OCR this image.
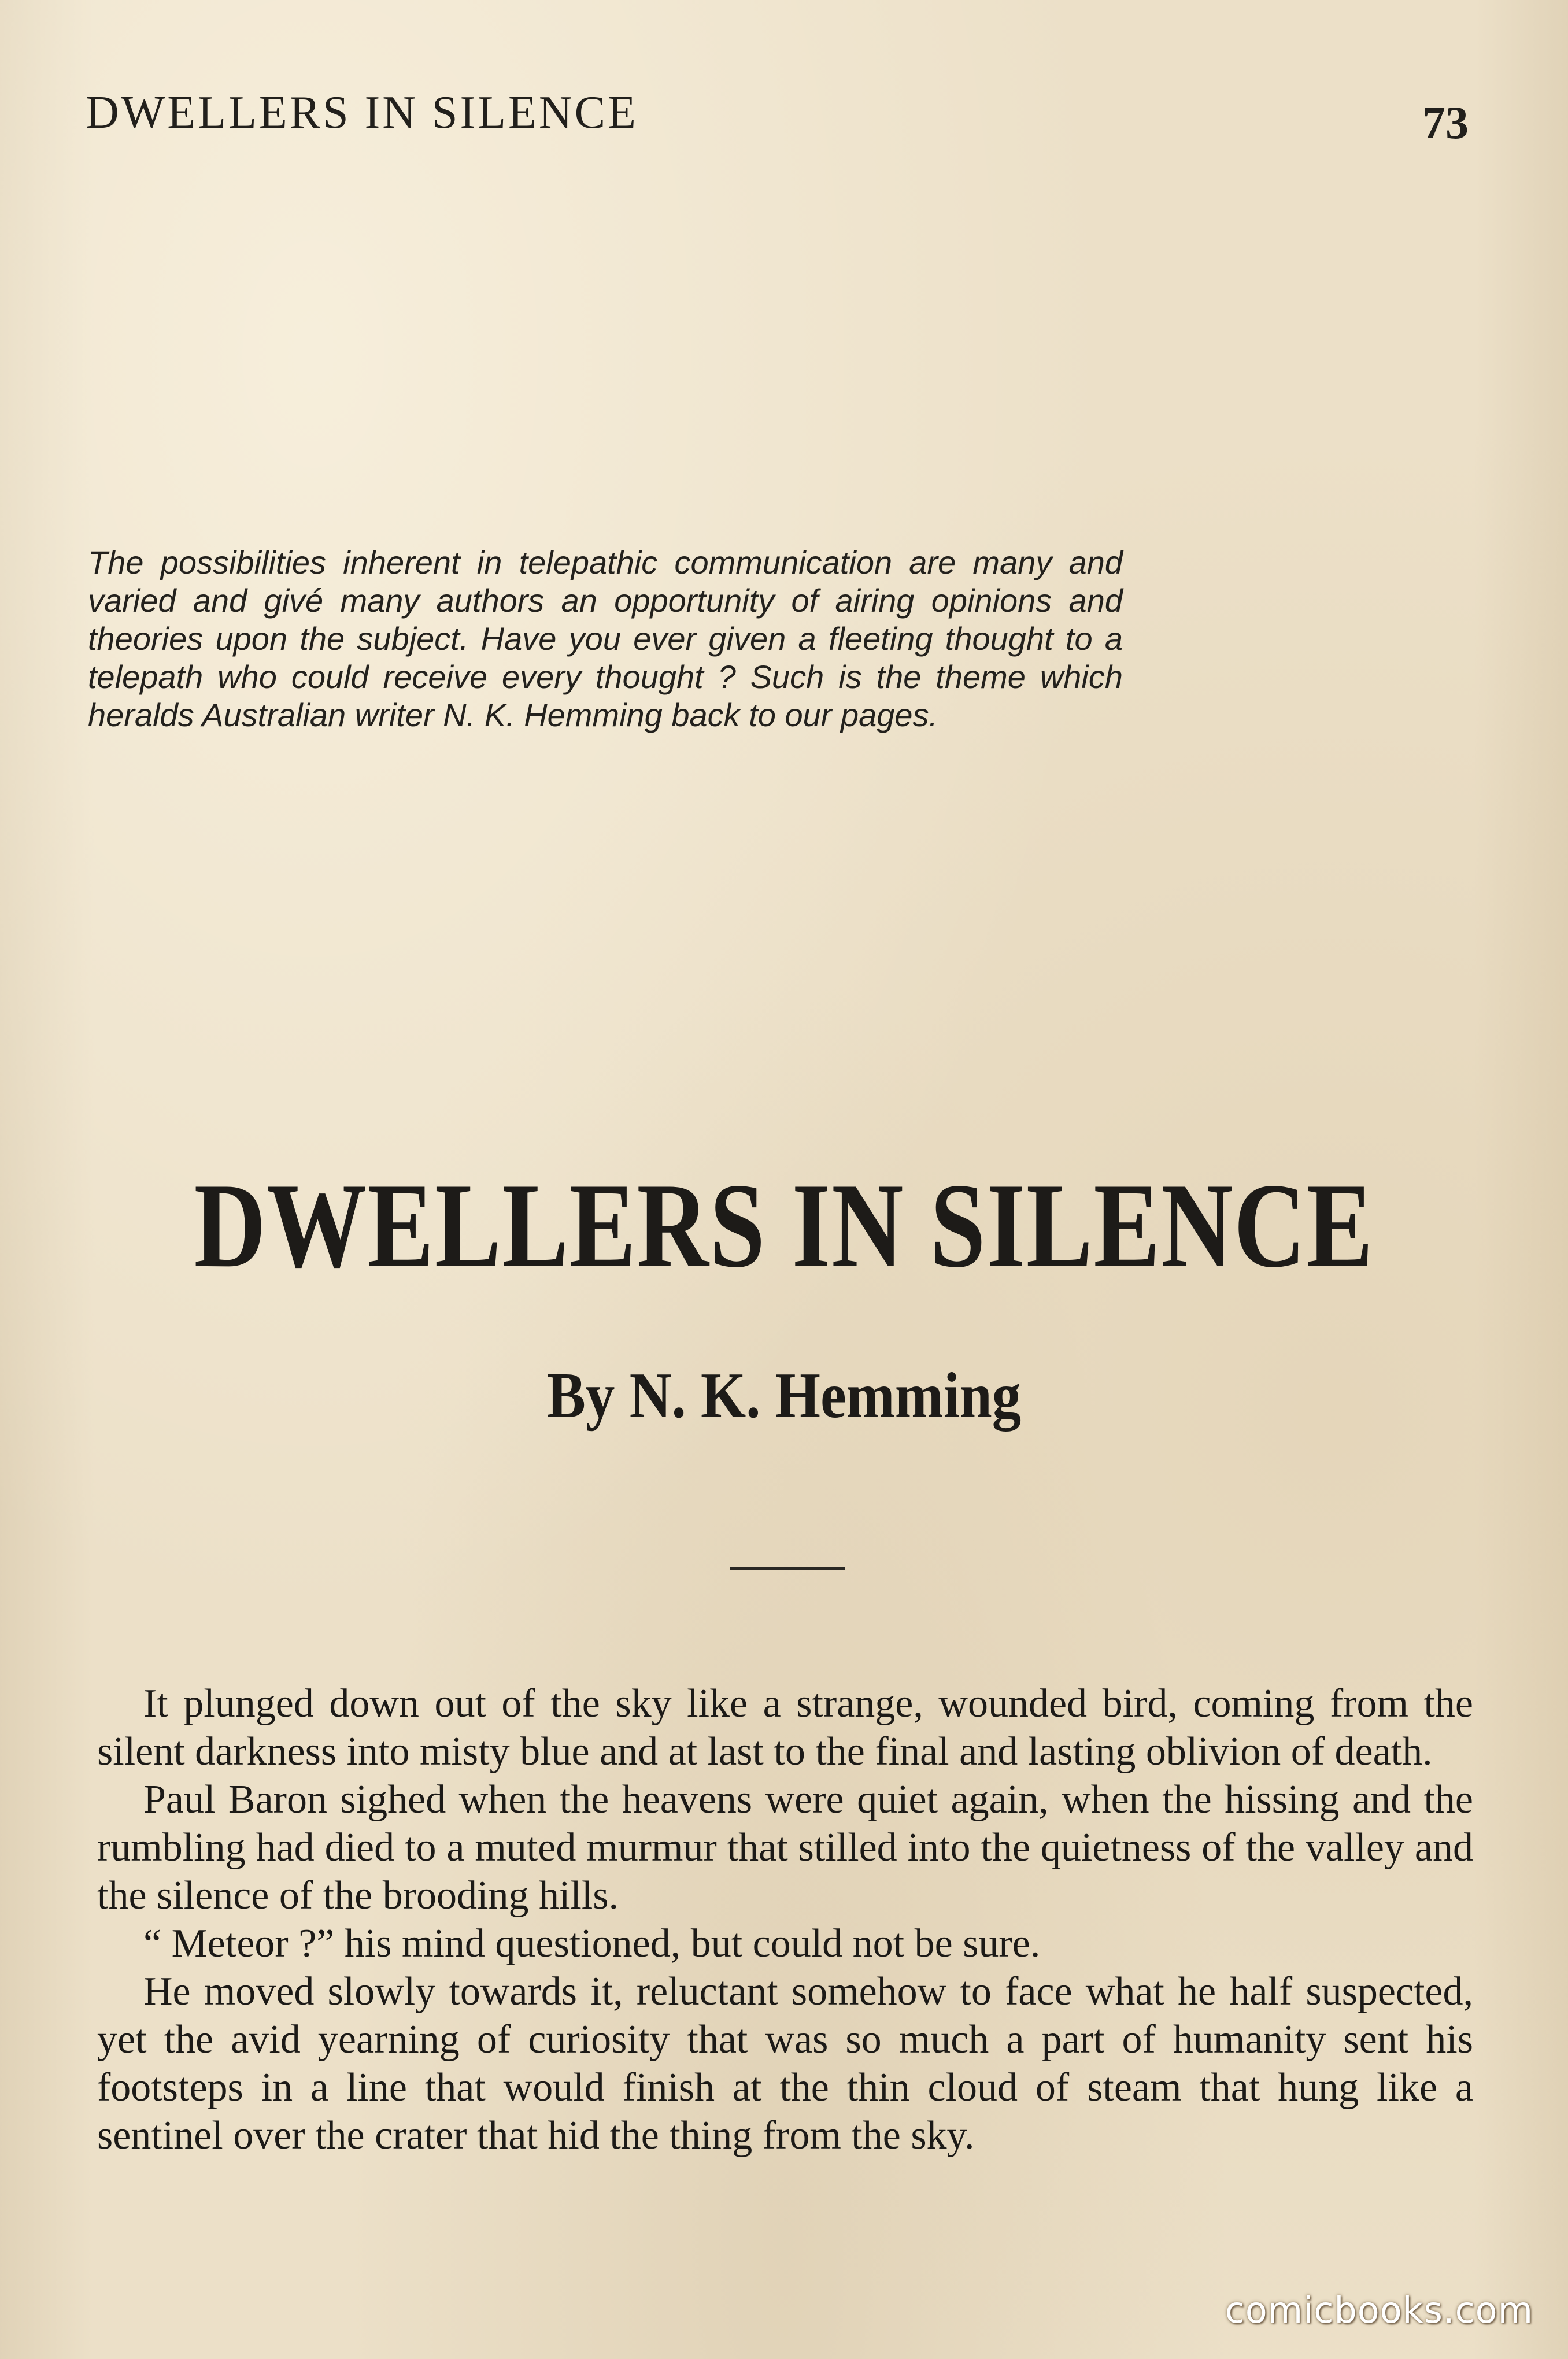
DWELLERS IN SILENCE	73
The possibilities inherent in telepathic communication are many and varied and givé many authors an opportunity of airing opinions and theories upon the subject. Have you ever given a fleeting thought to a telepath who could receive every thought ? Such is the theme which heralds Australian writer N. K. Hemming back to our pages.
DWELLERS IN SILENCE
By N. K. Hemming

It plunged down out of the sky like a strange, wounded bird, coming from the silent darkness into misty blue and at last to the final and lasting oblivion of death.

Paul Baron sighed when the heavens were quiet again, when the hissing and the rumbling had died to a muted murmur that stilled into the quietness of the valley and the silence of the brooding hills.

“ Meteor ?” his mind questioned, but could not be sure.

He moved slowly towards it, reluctant somehow to face what he half suspected, yet the avid yearning of curiosity that was so much a part of humanity sent his footsteps in a line that would finish at the thin cloud of steam that hung like a sentinel over the crater that hid the thing from the sky.

comicbooks.com
